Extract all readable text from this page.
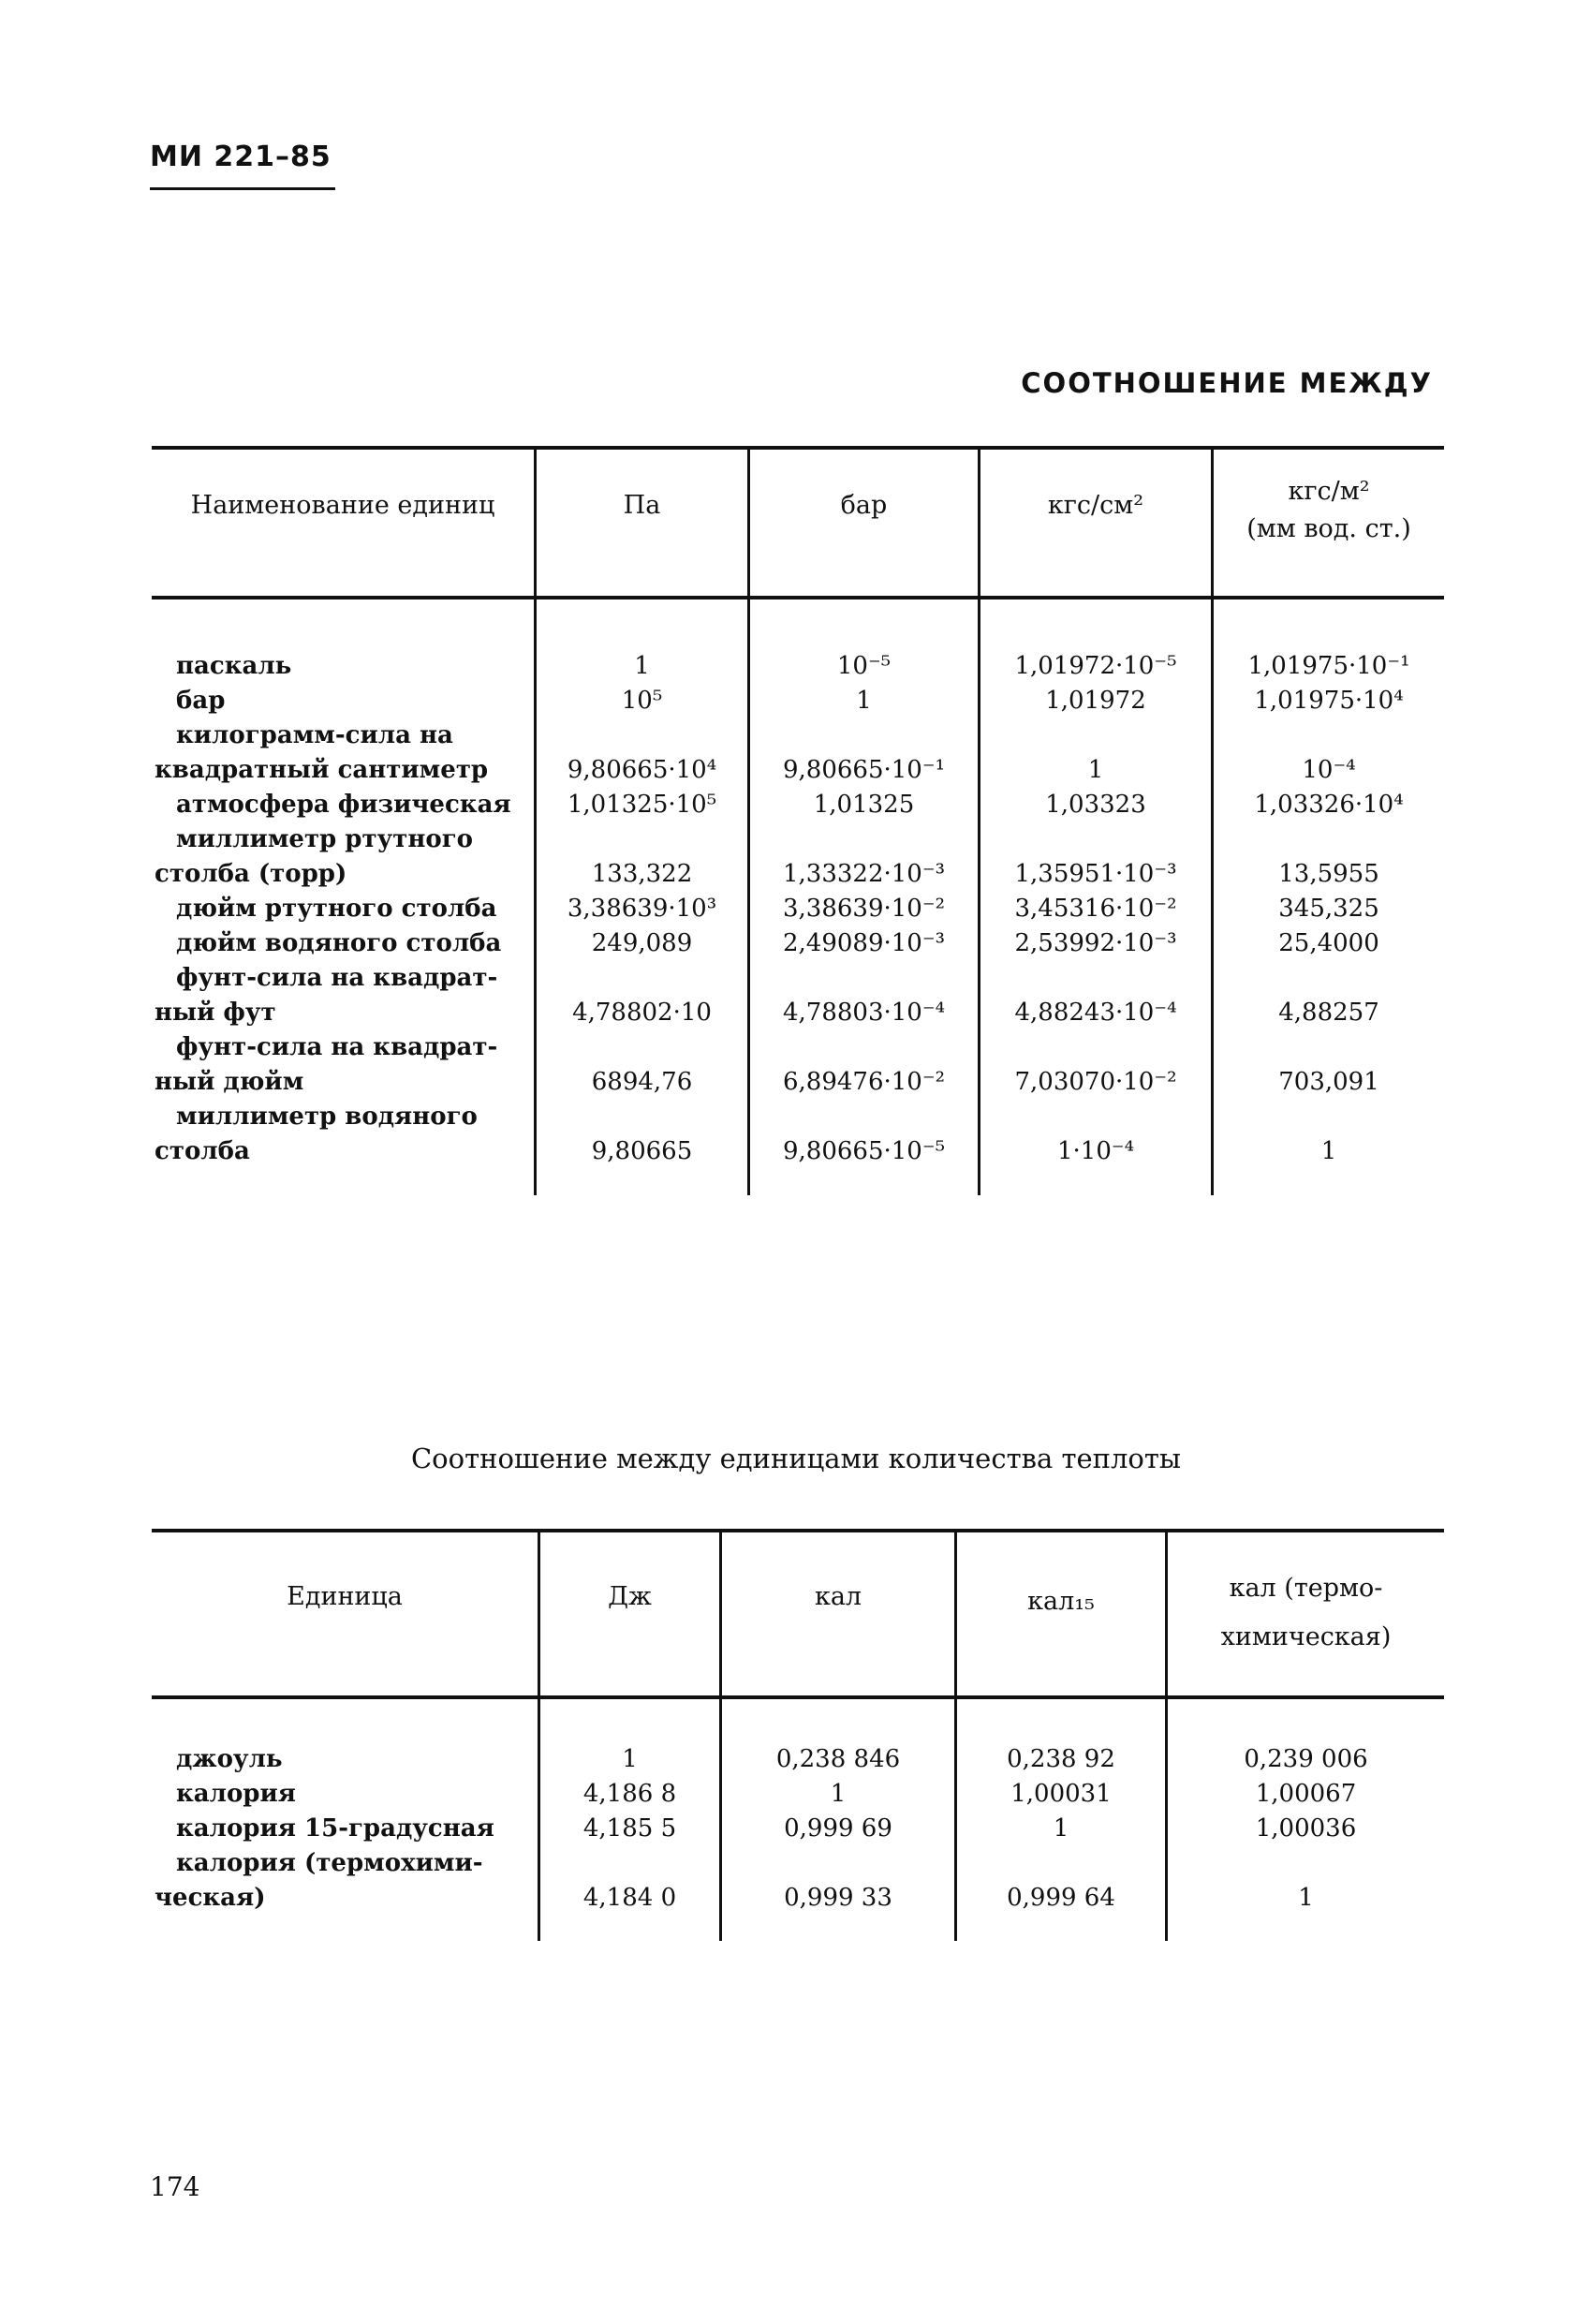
МИ 221–85
СООТНОШЕНИЕ МЕЖДУ
Наименование единиц	Па	бар	кгс/см²	кгс/м²
(мм вод. ст.)
паскаль	1	10⁻⁵	1,01972·10⁻⁵	1,01975·10⁻¹
бар	10⁵	1	1,01972	1,01975·10⁴
килограмм-сила на
квадратный сантиметр	9,80665·10⁴	9,80665·10⁻¹	1	10⁻⁴
атмосфера физическая	1,01325·10⁵	1,01325	1,03323	1,03326·10⁴
миллиметр ртутного
столба (торр)	133,322	1,33322·10⁻³	1,35951·10⁻³	13,5955
дюйм ртутного столба	3,38639·10³	3,38639·10⁻²	3,45316·10⁻²	345,325
дюйм водяного столба	249,089	2,49089·10⁻³	2,53992·10⁻³	25,4000
фунт-сила на квадрат-
ный фут	4,78802·10	4,78803·10⁻⁴	4,88243·10⁻⁴	4,88257
фунт-сила на квадрат-
ный дюйм	6894,76	6,89476·10⁻²	7,03070·10⁻²	703,091
миллиметр водяного
столба	9,80665	9,80665·10⁻⁵	1·10⁻⁴	1
Соотношение между единицами количества теплоты
Единица	Дж	кал	кал₁₅	кал (термо-
химическая)
джоуль	1	0,238 846	0,238 92	0,239 006
калория	4,186 8	1	1,00031	1,00067
калория 15-градусная	4,185 5	0,999 69	1	1,00036
калория (термохими-
ческая)	4,184 0	0,999 33	0,999 64	1
174
